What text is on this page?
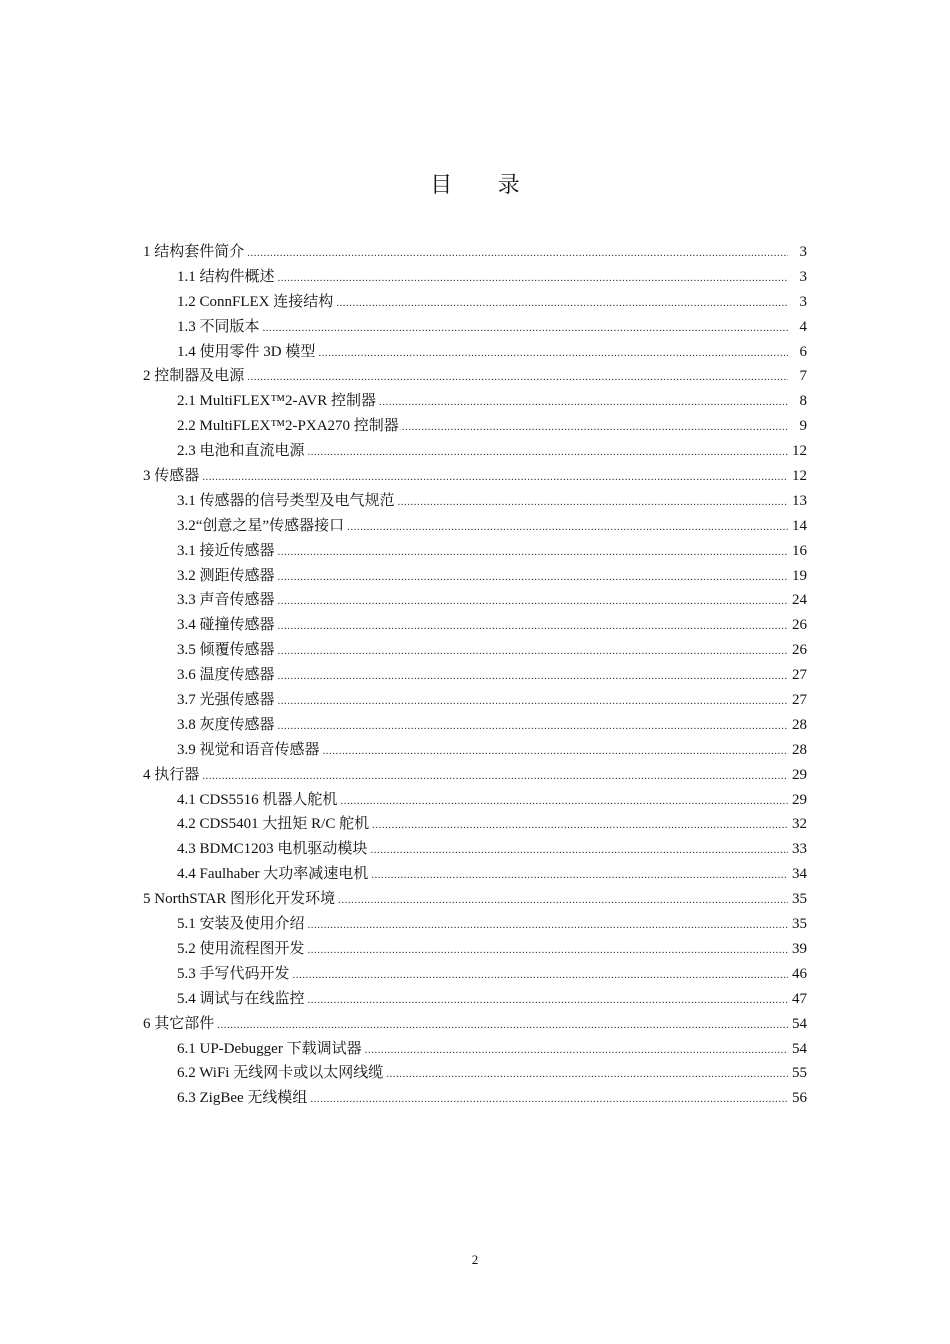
目 录
1 结构套件简介 .....	3
1.1 结构件概述 .....	3
1.2 ConnFLEX 连接结构 .....	3
1.3 不同版本 .....	4
1.4 使用零件 3D 模型 .....	6
2 控制器及电源 .....	7
2.1 MultiFLEX™2-AVR 控制器 .....	8
2.2 MultiFLEX™2-PXA270 控制器 .....	9
2.3 电池和直流电源 .....	12
3 传感器 .....	12
3.1 传感器的信号类型及电气规范 .....	13
3.2“创意之星”传感器接口 .....	14
3.1 接近传感器 .....	16
3.2 测距传感器 .....	19
3.3 声音传感器 .....	24
3.4 碰撞传感器 .....	26
3.5 倾覆传感器 .....	26
3.6 温度传感器 .....	27
3.7 光强传感器 .....	27
3.8 灰度传感器 .....	28
3.9 视觉和语音传感器 .....	28
4 执行器 .....	29
4.1 CDS5516 机器人舵机 .....	29
4.2 CDS5401 大扭矩 R/C 舵机 .....	32
4.3 BDMC1203 电机驱动模块 .....	33
4.4 Faulhaber 大功率减速电机 .....	34
5 NorthSTAR 图形化开发环境 .....	35
5.1 安装及使用介绍 .....	35
5.2 使用流程图开发 .....	39
5.3 手写代码开发 .....	46
5.4 调试与在线监控 .....	47
6 其它部件 .....	54
6.1 UP-Debugger 下载调试器 .....	54
6.2 WiFi 无线网卡或以太网线缆 .....	55
6.3 ZigBee 无线模组 .....	56
2
